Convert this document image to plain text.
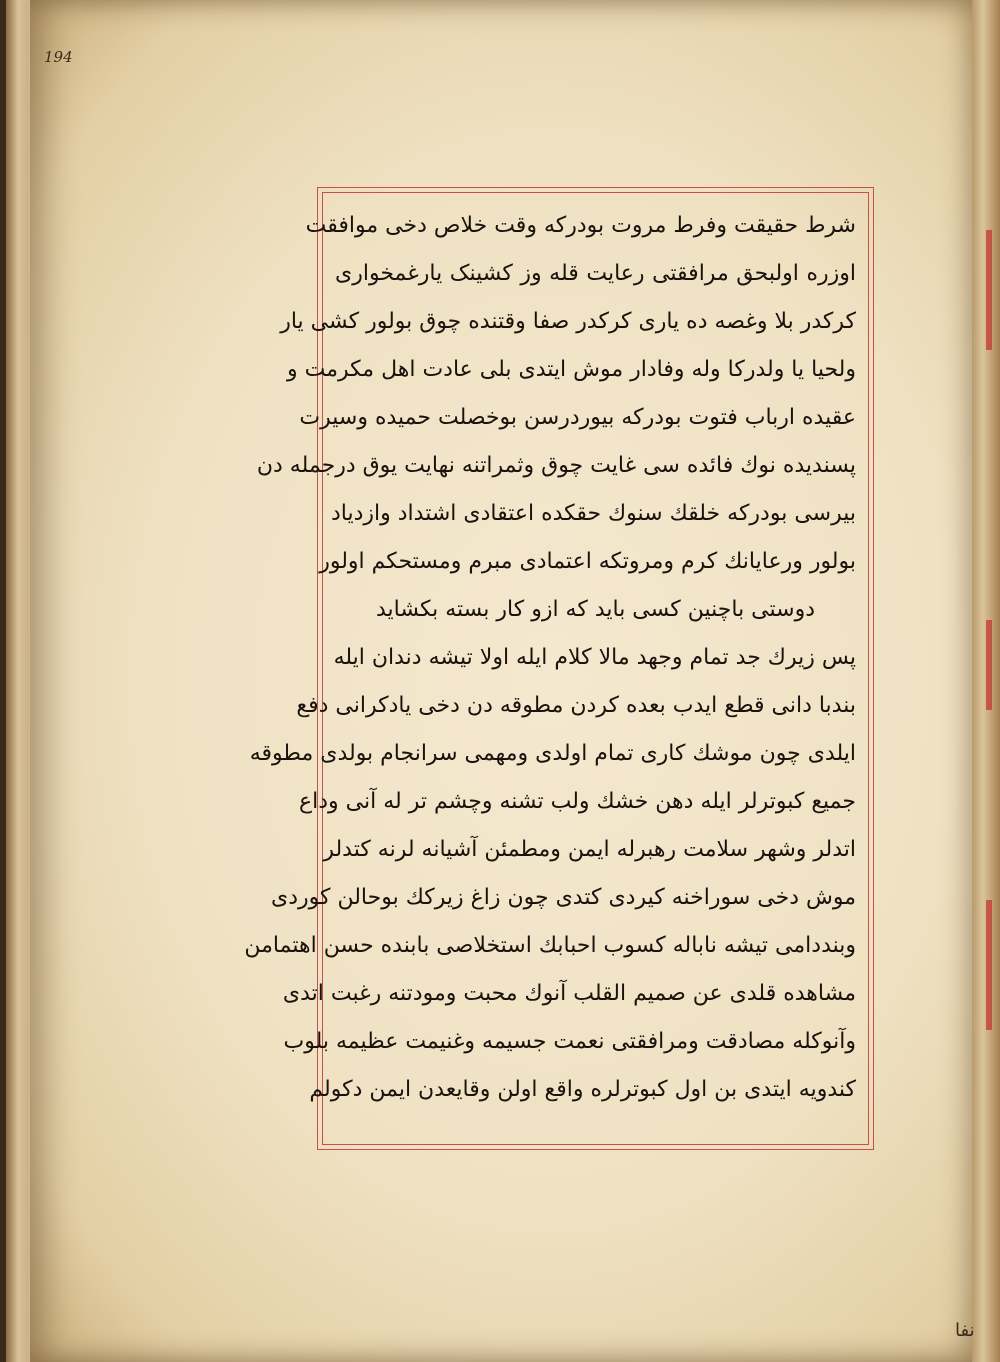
194
نفا
شرط حقیقت وفرط مروت بودرکه وقت خلاص دخی موافقت
اوزره اولبحق مرافقتی رعایت قله وز کشینک یارغمخواری
کرکدر بلا وغصه ده یاری کرکدر صفا وقتنده چوق بولور کشی یار
ولحیا یا ولدرکا وله وفادار موش ایتدی بلی عادت اهل مکرمت و
عقیده ارباب فتوت بودرکه بیوردرسن بوخصلت حمیده وسیرت
پسندیده نوك فائده سی غایت چوق وثمراتنه نهایت یوق درجمله دن
بیرسی بودرکه خلقك سنوك حقکده اعتقادی اشتداد وازدیاد
بولور ورعایانك کرم ومروتکه اعتمادی مبرم ومستحکم اولور
دوستی باچنین کسی باید که ازو کار بسته بکشاید
پس زیرك جد تمام وجهد مالا کلام ایله اولا تیشه دندان ایله
بندبا دانی قطع ایدب بعده کردن مطوقه دن دخی یادکرانی دفع
ایلدی چون موشك کاری تمام اولدی ومهمی سرانجام بولدی مطوقه
جمیع کبوترلر ایله دهن خشك ولب تشنه وچشم تر له آنی وداع
اتدلر وشهر سلامت رهبرله ایمن ومطمئن آشیانه لرنه کتدلر
موش دخی سوراخنه کیردی کتدی چون زاغ زیرکك بوحالن کوردی
وبنددامی تیشه ناباله کسوب احبابك استخلاصی بابنده حسن اهتمامن
مشاهده قلدی عن صمیم القلب آنوك محبت ومودتنه رغبت اتدی
وآنوکله مصادقت ومرافقتی نعمت جسیمه وغنیمت عظیمه بلوب
کندویه ایتدی بن اول کبوترلره واقع اولن وقایعدن ایمن دکولم
